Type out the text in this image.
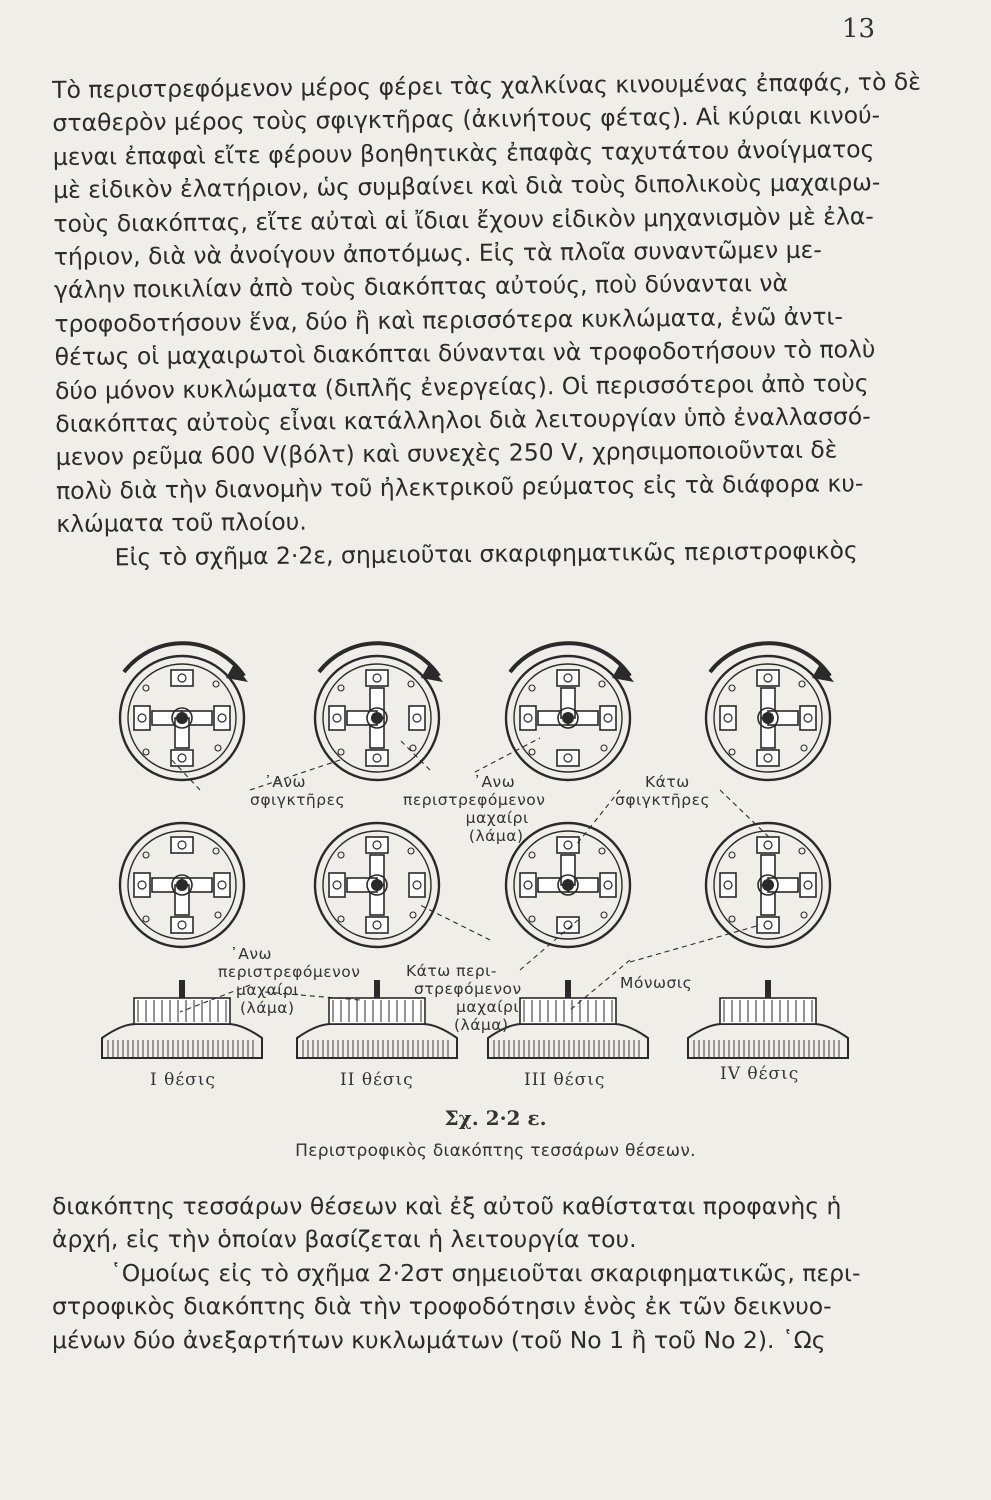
13

Τὸ περιστρεφόμενον μέρος φέρει τὰς χαλκίνας κινουμένας ἐπαφάς, τὸ δὲ
σταθερὸν μέρος τοὺς σφιγκτῆρας (ἀκινήτους φέτας). Αἱ κύριαι κινού-
μεναι ἐπαφαὶ εἴτε φέρουν βοηθητικὰς ἐπαφὰς ταχυτάτου ἀνοίγματος
μὲ εἰδικὸν ἐλατήριον, ὡς συμβαίνει καὶ διὰ τοὺς διπολικοὺς μαχαιρω-
τοὺς διακόπτας, εἴτε αὐταὶ αἱ ἴδιαι ἔχουν εἰδικὸν μηχανισμὸν μὲ ἐλα-
τήριον, διὰ νὰ ἀνοίγουν ἀποτόμως. Εἰς τὰ πλοῖα συναντῶμεν με-
γάλην ποικιλίαν ἀπὸ τοὺς διακόπτας αὐτούς, ποὺ δύνανται νὰ
τροφοδοτήσουν ἕνα, δύο ἢ καὶ περισσότερα κυκλώματα, ἐνῶ ἀντι-
θέτως οἱ μαχαιρωτοὶ διακόπται δύνανται νὰ τροφοδοτήσουν τὸ πολὺ
δύο μόνον κυκλώματα (διπλῆς ἐνεργείας). Οἱ περισσότεροι ἀπὸ τοὺς
διακόπτας αὐτοὺς εἶναι κατάλληλοι διὰ λειτουργίαν ὑπὸ ἐναλλασσό-
μενον ρεῦμα 600 V(βόλτ) καὶ συνεχὲς 250 V, χρησιμοποιοῦνται δὲ
πολὺ διὰ τὴν διανομὴν τοῦ ἠλεκτρικοῦ ρεύματος εἰς τὰ διάφορα κυ-
κλώματα τοῦ πλοίου.
Εἰς τὸ σχῆμα 2·2ε, σημειοῦται σκαριφηματικῶς περιστροφικὸς

᾿Ανω
σφιγκτῆρες
᾿Ανω
περιστρεφόμενον
μαχαίρι
(λάμα)
Κάτω
σφιγκτῆρες
᾿Ανω
περιστρεφόμενον
μαχαίρι
(λάμα)
Κάτω περι-
στρεφόμενον
μαχαίρι
(λάμα)
Μόνωσις
I θέσις	II θέσις	III θέσις	IV θέσις
Σχ. 2·2 ε.
Περιστροφικὸς διακόπτης τεσσάρων θέσεων.

διακόπτης τεσσάρων θέσεων καὶ ἐξ αὐτοῦ καθίσταται προφανὴς ἡ
ἀρχή, εἰς τὴν ὁποίαν βασίζεται ἡ λειτουργία του.
῾Ομοίως εἰς τὸ σχῆμα 2·2στ σημειοῦται σκαριφηματικῶς, περι-
στροφικὸς διακόπτης διὰ τὴν τροφοδότησιν ἑνὸς ἐκ τῶν δεικνυο-
μένων δύο ἀνεξαρτήτων κυκλωμάτων (τοῦ Νο 1 ἢ τοῦ Νο 2). ῾Ως
